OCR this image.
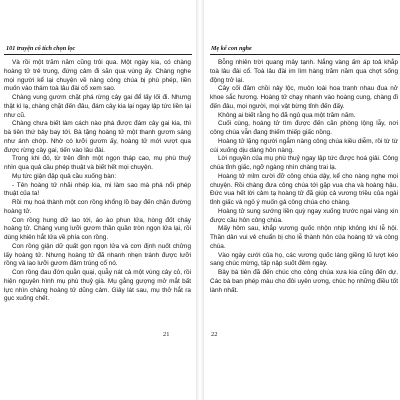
101 truyện cổ tích chọn lọc

Và rồi một trăm năm cũng trôi qua. Một ngày kia, có chàng hoàng tử trẻ trung, đứng cảm đi săn qua vùng ấy. Chàng nghe mọi người kể lại chuyện về nàng công chúa bị phù phép, liền muốn vào thám toà lâu đài cổ xem sao.

Chàng vung gươm chặt phá rừng cây gai để lấy lối đi. Nhưng thật kì lạ, chàng chặt đến đâu, đám cây kia lại ngay lập tức liền lại như cũ.

Chàng chưa biết làm cách nào phá được đám cây gai kia, thì bà tiên thứ bảy bay tới. Bà tặng hoàng tử một thanh gươm sáng như ánh chớp. Nhờ có lưỡi gươm ấy, hoàng tử mới vượt qua được rừng cây gai, tiến vào lâu đài.

Trong khi đó, từ trên đỉnh một ngọn tháp cao, mụ phù thuỷ nhìn qua quả cầu phép thuật và biết hết mọi chuyện.

Mụ tức giận đập quả cầu xuống bàn:

- Tên hoàng tử nhãi nhép kia, mi làm sao mà phá nổi phép thuật của ta!

Rồi mụ hoá thành một con rồng khổng lồ bay đến chặn đường hoàng tử.

Con rồng hung dữ lao tới, áo ào phun lửa, hòng đốt cháy hoàng tử. Chàng vung lưỡi gươm thần quần tròn ngọn lửa lại, rồi dùng khiên hắt lửa về phía con rồng.

Con rồng giận dữ quất gọn ngọn lửa và cơn định nuốt chửng lấy hoàng tử. Nhưng hoàng tử đã nhanh nhẹn tránh được lưỡi rồng và lao lưỡi gươm đâm trúng cổ nó.

Con rồng đau đớn quằn quại, quẫy nát cả một vùng cây cỏ, rồi hiện nguyên hình mụ phù thuỷ già. Mụ gằng gượng mở mắt bất lực nhìn chàng hoàng tử dũng cảm. Giây lát sau, mụ thở hắt ra gục xuống chết.

21
Mẹ kể con nghe

Bỗng nhiên trời quang mây tạnh. Nắng vàng ấm áp toả khắp toà lâu đài cổ. Toà lâu đài im lìm hàng trăm năm qua chợt sống động trở lại.

Cây cối đâm chồi nảy lộc, muôn loài hoa tranh nhau đua nở khoe sắc hương. Hoàng tử chạy nhanh vào hoàng cung, chàng đi đến đâu, mọi người, mọi vật bừng tỉnh đến đấy.

Không ai biết rằng họ đã ngủ qua một trăm năm.

Cuối cùng, hoàng tử tìm được đến căn phòng lộng lẫy, nơi công chúa vẫn đang thiếm thiếp giấc nồng.

Hoàng tử lặng người ngắm nàng công chúa kiều diễm, rồi từ từ cúi xuống dịu dàng hôn nàng.

Lời nguyền của mụ phù thuỷ ngay lập tức được hoá giải. Công chúa tỉnh giấc, ngỡ ngàng nhìn chàng trai lạ.

Hoàng tử mỉm cười đỡ công chúa dậy, kể cho nàng nghe mọi chuyện. Rồi chàng đưa công chúa tới gặp vua cha và hoàng hậu. Đức vua hết lời cảm tạ hoàng tử đã giúp cả vương triều của ngài tỉnh giấc và ngỏ ý muốn gả công chúa cho chàng.

Hoàng tử sung sướng liền quỳ ngay xuống trước ngai vàng xin được cầu hôn công chúa.

Mấy hôm sau, khắp vương quốc nhộn nhịp không khí lễ hội. Thần dân vui vẻ chuẩn bị cho lễ thành hôn của hoàng tử và công chúa.

Vào ngày cưới của họ, các vương quốc láng giềng lũ lượt kéo sang chúc mừng, tấp nập suốt đêm ngày.

Bảy bà tiên đã đến chúc cho công chúa xưa kia cũng đến dự. Các bà ban phép màu cho đôi uyên ương, chúc họ những điều tốt lành nhất.

22
